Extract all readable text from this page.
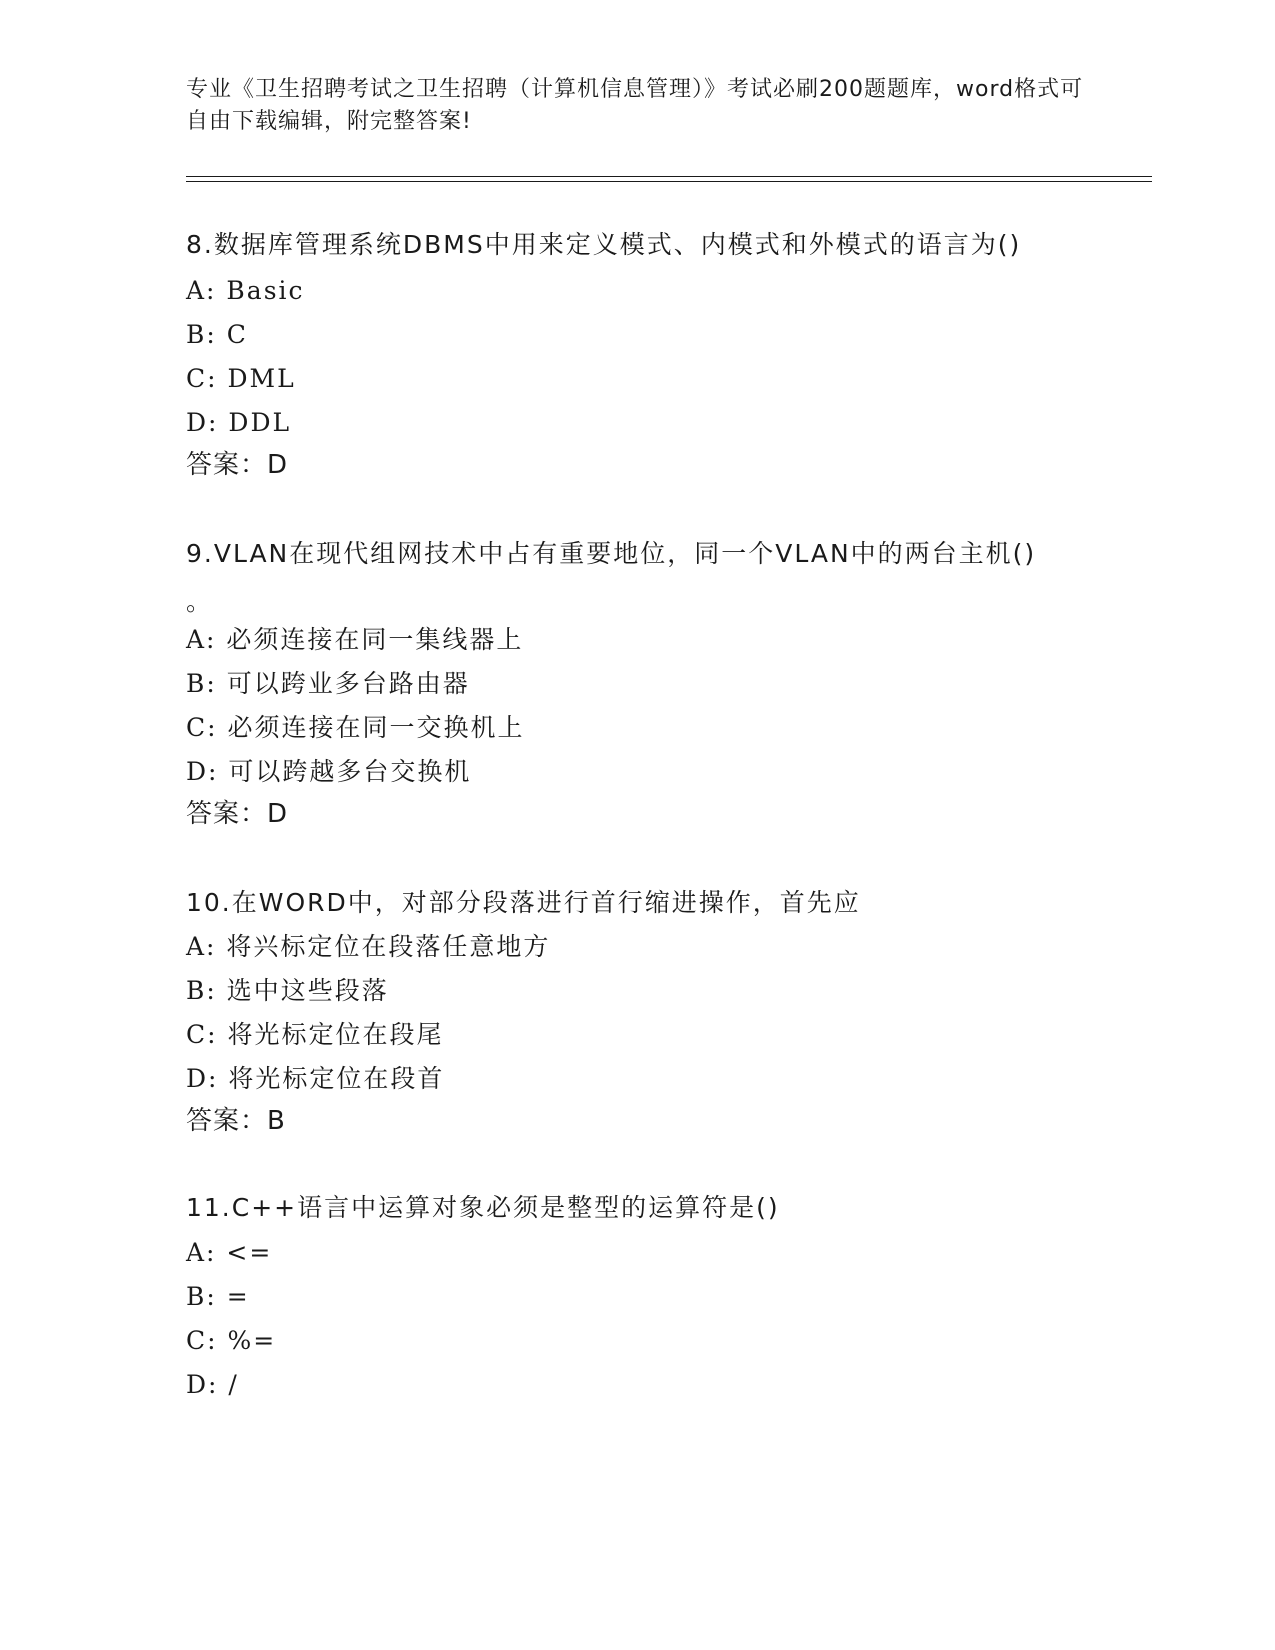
专业《卫生招聘考试之卫生招聘（计算机信息管理）》考试必刷200题题库，word格式可自由下载编辑，附完整答案!
8.数据库管理系统DBMS中用来定义模式、内模式和外模式的语言为()
A: Basic
B: C
C: DML
D: DDL
答案：D
9.VLAN在现代组网技术中占有重要地位，同一个VLAN中的两台主机()
。
A: 必须连接在同一集线器上
B: 可以跨业多台路由器
C: 必须连接在同一交换机上
D: 可以跨越多台交换机
答案：D
10.在WORD中，对部分段落进行首行缩进操作，首先应
A: 将兴标定位在段落任意地方
B: 选中这些段落
C: 将光标定位在段尾
D: 将光标定位在段首
答案：B
11.C++语言中运算对象必须是整型的运算符是()
A: <=
B: =
C: %=
D: /
